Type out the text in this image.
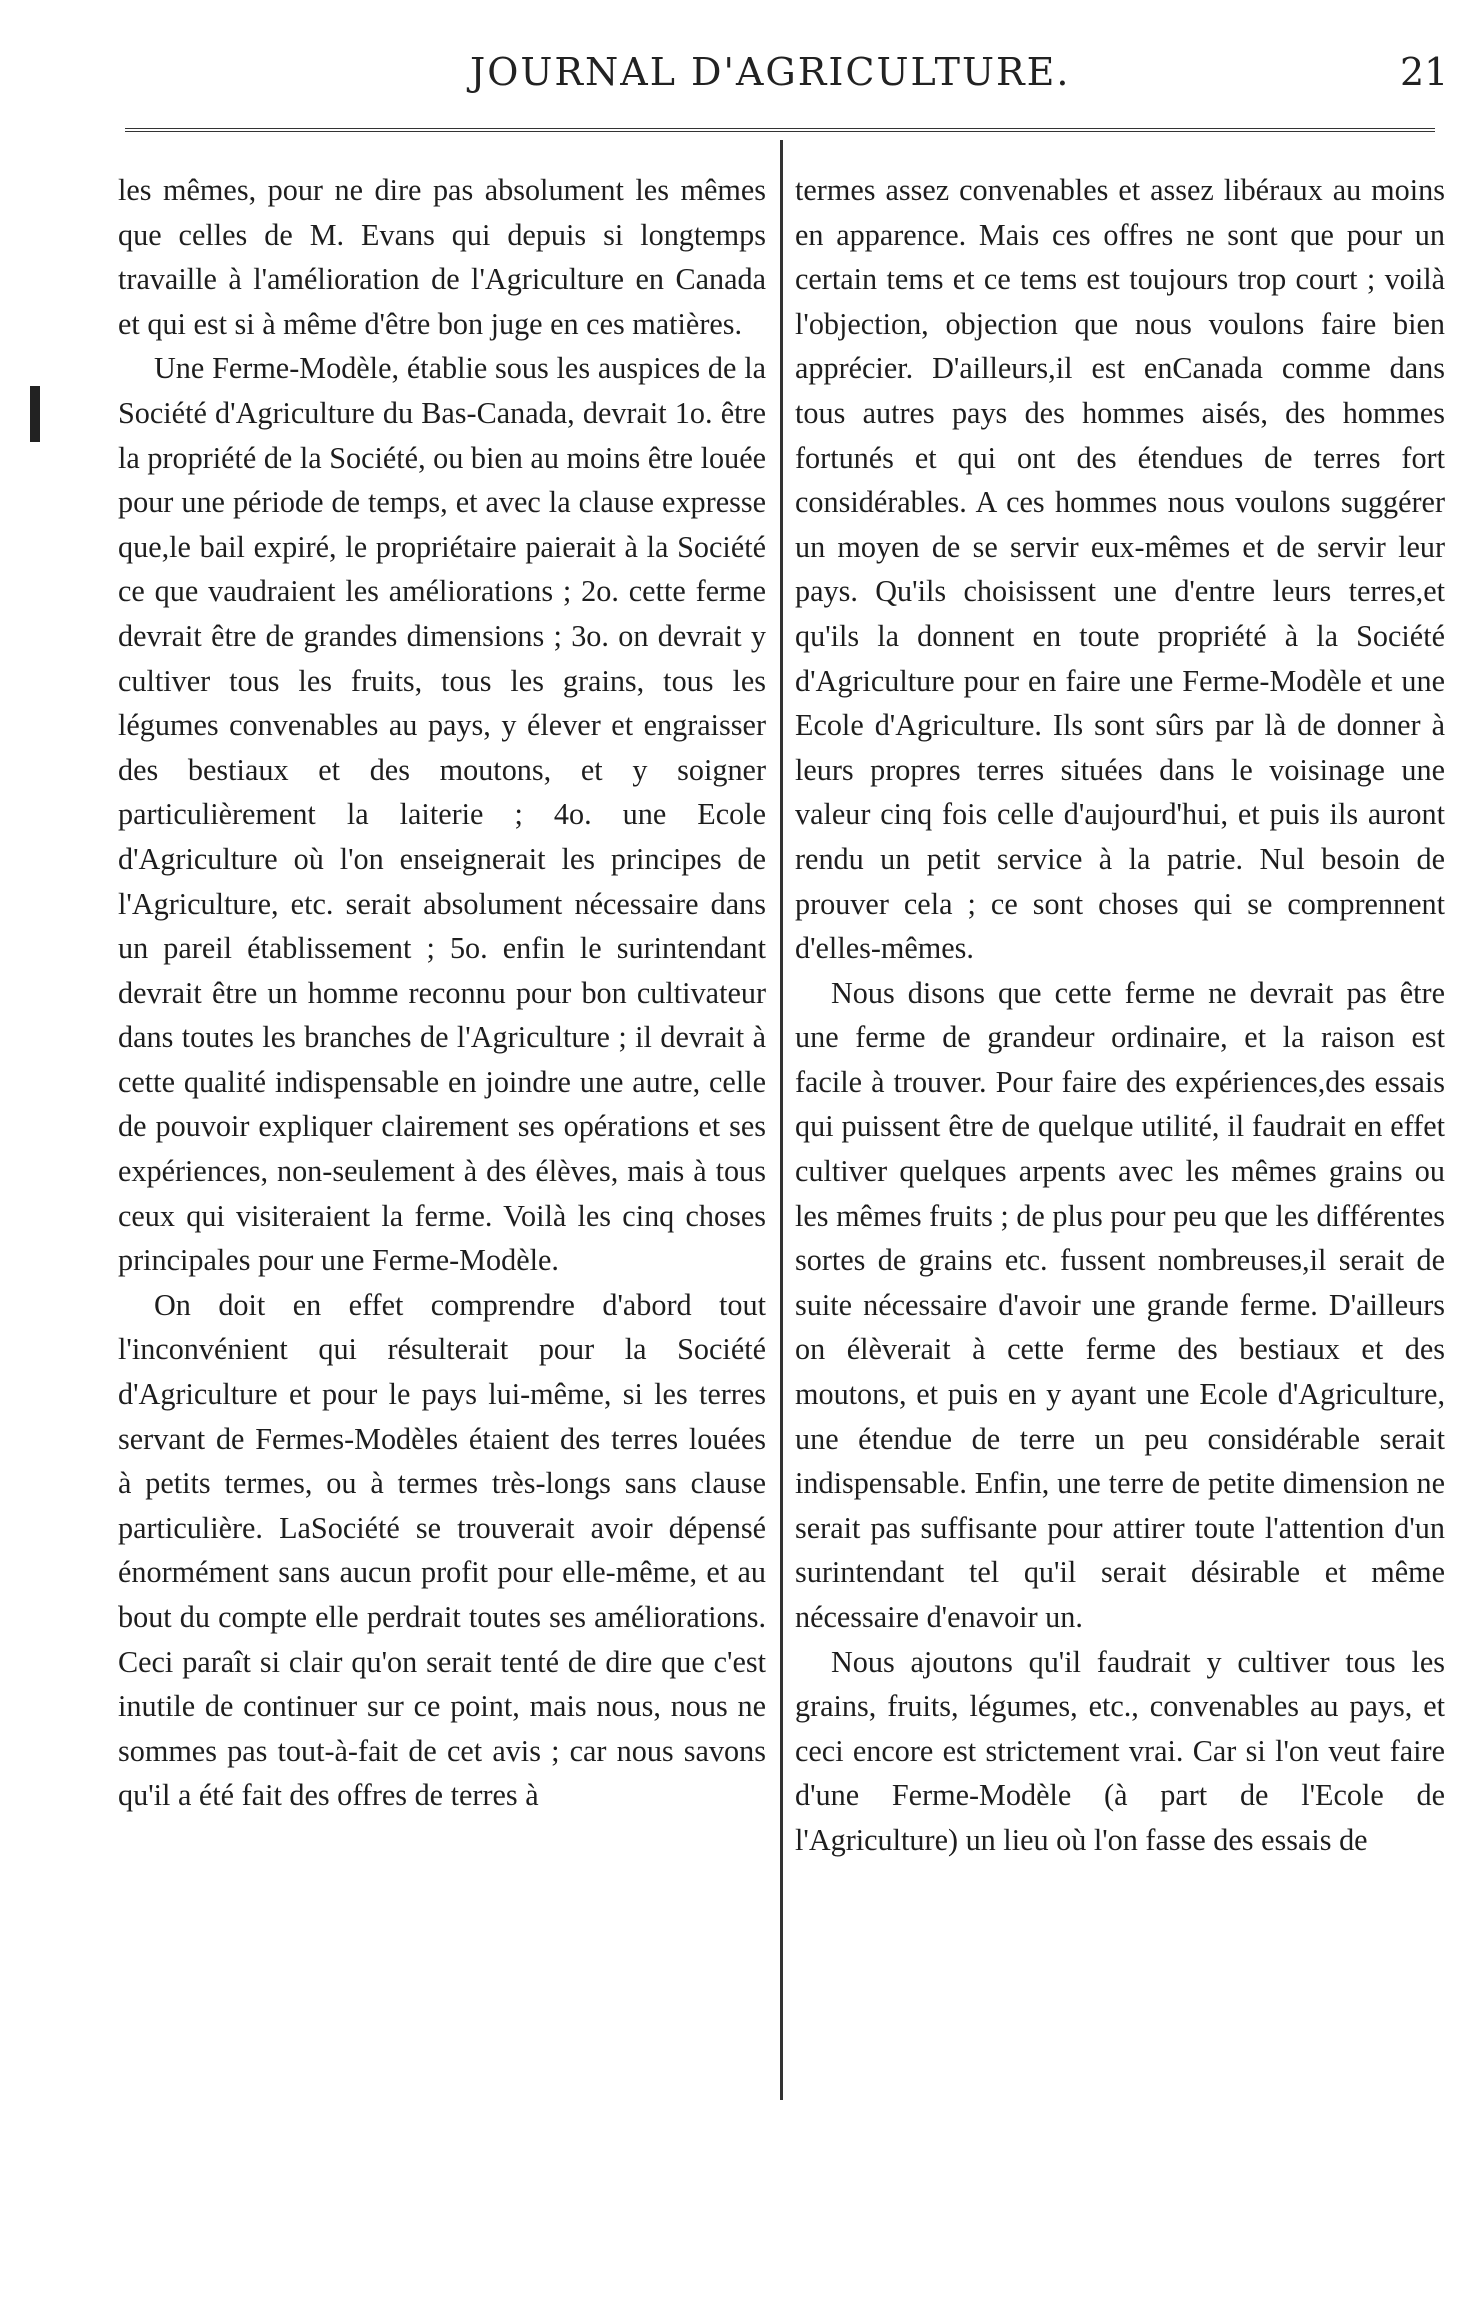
JOURNAL D'AGRICULTURE.	21

les mêmes, pour ne dire pas absolument les mêmes que celles de M. Evans qui depuis si longtemps travaille à l'amélioration de l'Agriculture en Canada et qui est si à même d'être bon juge en ces matières.

Une Ferme-Modèle, établie sous les auspices de la Société d'Agriculture du Bas-Canada, devrait 1o. être la propriété de la Société, ou bien au moins être louée pour une période de temps, et avec la clause expresse que,le bail expiré, le propriétaire paierait à la Société ce que vaudraient les améliorations ; 2o. cette ferme devrait être de grandes dimensions ; 3o. on devrait y cultiver tous les fruits, tous les grains, tous les légumes convenables au pays, y élever et engraisser des bestiaux et des moutons, et y soigner particulièrement la laiterie ; 4o. une Ecole d'Agriculture où l'on enseignerait les principes de l'Agriculture, etc. serait absolument nécessaire dans un pareil établissement ; 5o. enfin le surintendant devrait être un homme reconnu pour bon cultivateur dans toutes les branches de l'Agriculture ; il devrait à cette qualité indispensable en joindre une autre, celle de pouvoir expliquer clairement ses opérations et ses expériences, non-seulement à des élèves, mais à tous ceux qui visiteraient la ferme. Voilà les cinq choses principales pour une Ferme-Modèle.

On doit en effet comprendre d'abord tout l'inconvénient qui résulterait pour la Société d'Agriculture et pour le pays lui-même, si les terres servant de Fermes-Modèles étaient des terres louées à petits termes, ou à termes très-longs sans clause particulière. LaSociété se trouverait avoir dépensé énormément sans aucun profit pour elle-même, et au bout du compte elle perdrait toutes ses améliorations. Ceci paraît si clair qu'on serait tenté de dire que c'est inutile de continuer sur ce point, mais nous, nous ne sommes pas tout-à-fait de cet avis ; car nous savons qu'il a été fait des offres de terres à

termes assez convenables et assez libéraux au moins en apparence. Mais ces offres ne sont que pour un certain tems et ce tems est toujours trop court ; voilà l'objection, objection que nous voulons faire bien apprécier. D'ailleurs,il est enCanada comme dans tous autres pays des hommes aisés, des hommes fortunés et qui ont des étendues de terres fort considérables. A ces hommes nous voulons suggérer un moyen de se servir eux-mêmes et de servir leur pays. Qu'ils choisissent une d'entre leurs terres,et qu'ils la donnent en toute propriété à la Société d'Agriculture pour en faire une Ferme-Modèle et une Ecole d'Agriculture. Ils sont sûrs par là de donner à leurs propres terres situées dans le voisinage une valeur cinq fois celle d'aujourd'hui, et puis ils auront rendu un petit service à la patrie. Nul besoin de prouver cela ; ce sont choses qui se comprennent d'elles-mêmes.

Nous disons que cette ferme ne devrait pas être une ferme de grandeur ordinaire, et la raison est facile à trouver. Pour faire des expériences,des essais qui puissent être de quelque utilité, il faudrait en effet cultiver quelques arpents avec les mêmes grains ou les mêmes fruits ; de plus pour peu que les différentes sortes de grains etc. fussent nombreuses,il serait de suite nécessaire d'avoir une grande ferme. D'ailleurs on élèverait à cette ferme des bestiaux et des moutons, et puis en y ayant une Ecole d'Agriculture, une étendue de terre un peu considérable serait indispensable. Enfin, une terre de petite dimension ne serait pas suffisante pour attirer toute l'attention d'un surintendant tel qu'il serait désirable et même nécessaire d'enavoir un.

Nous ajoutons qu'il faudrait y cultiver tous les grains, fruits, légumes, etc., convenables au pays, et ceci encore est strictement vrai. Car si l'on veut faire d'une Ferme-Modèle (à part de l'Ecole de l'Agriculture) un lieu où l'on fasse des essais de
